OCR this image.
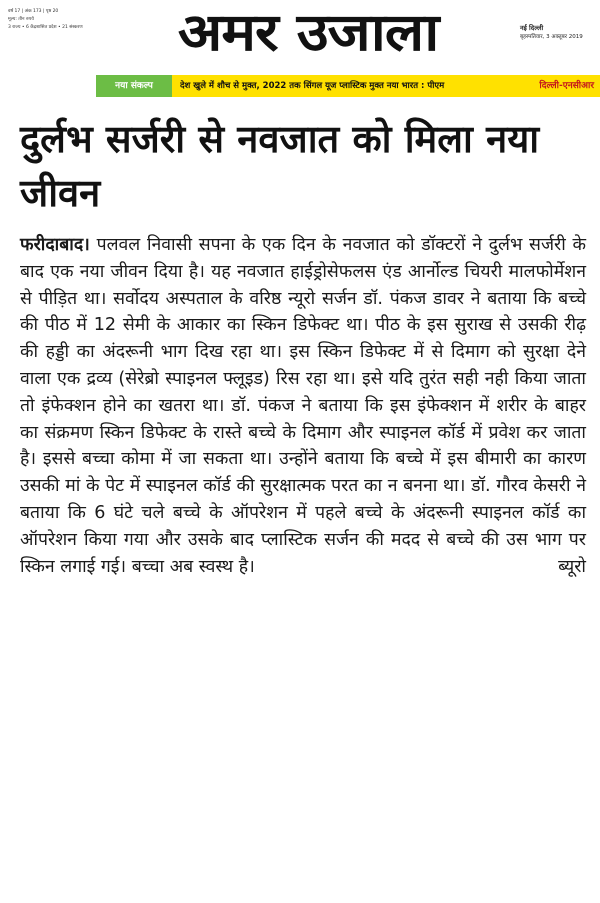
वर्ष 17 | अंक 173 | पृष्ठ 20
मूल्य: तीन रुपये
3 राज्य • 6 केंद्रशासित प्रदेश • 21 संस्करण	अमर उजाला	नई दिल्ली
बृहस्पतिवार, 3 अक्तूबर 2019
नया संकल्प	देश खुले में शौच से मुक्त, 2022 तक सिंगल यूज प्लास्टिक मुक्त नया भारत : पीएम	दिल्ली-एनसीआर
दुर्लभ सर्जरी से नवजात को मिला नया जीवन

फरीदाबाद। पलवल निवासी सपना के एक दिन के नवजात को डॉक्टरों ने दुर्लभ सर्जरी के बाद एक नया जीवन दिया है। यह नवजात हाईड्रोसेफलस एंड आर्नोल्ड चियरी मालफोर्मेशन से पीड़ित था। सर्वोदय अस्पताल के वरिष्ठ न्यूरो सर्जन डॉ. पंकज डावर ने बताया कि बच्चे की पीठ में 12 सेमी के आकार का स्किन डिफेक्ट था। पीठ के इस सुराख से उसकी रीढ़ की हड्डी का अंदरूनी भाग दिख रहा था। इस स्किन डिफेक्ट में से दिमाग को सुरक्षा देने वाला एक द्रव्य (सेरेब्रो स्पाइनल फ्लूइड) रिस रहा था। इसे यदि तुरंत सही नही किया जाता तो इंफेक्शन होने का खतरा था। डॉ. पंकज ने बताया कि इस इंफेक्शन में शरीर के बाहर का संक्रमण स्किन डिफेक्ट के रास्ते बच्चे के दिमाग और स्पाइनल कॉर्ड में प्रवेश कर जाता है। इससे बच्चा कोमा में जा सकता था। उन्होंने बताया कि बच्चे में इस बीमारी का कारण उसकी मां के पेट में स्पाइनल कॉर्ड की सुरक्षात्मक परत का न बनना था। डॉ. गौरव केसरी ने बताया कि 6 घंटे चले बच्चे के ऑपरेशन में पहले बच्चे के अंदरूनी स्पाइनल कॉर्ड का ऑपरेशन किया गया और उसके बाद प्लास्टिक सर्जन की मदद से बच्चे की उस भाग पर स्किन लगाई गई। बच्चा अब स्वस्थ है।	ब्यूरो
